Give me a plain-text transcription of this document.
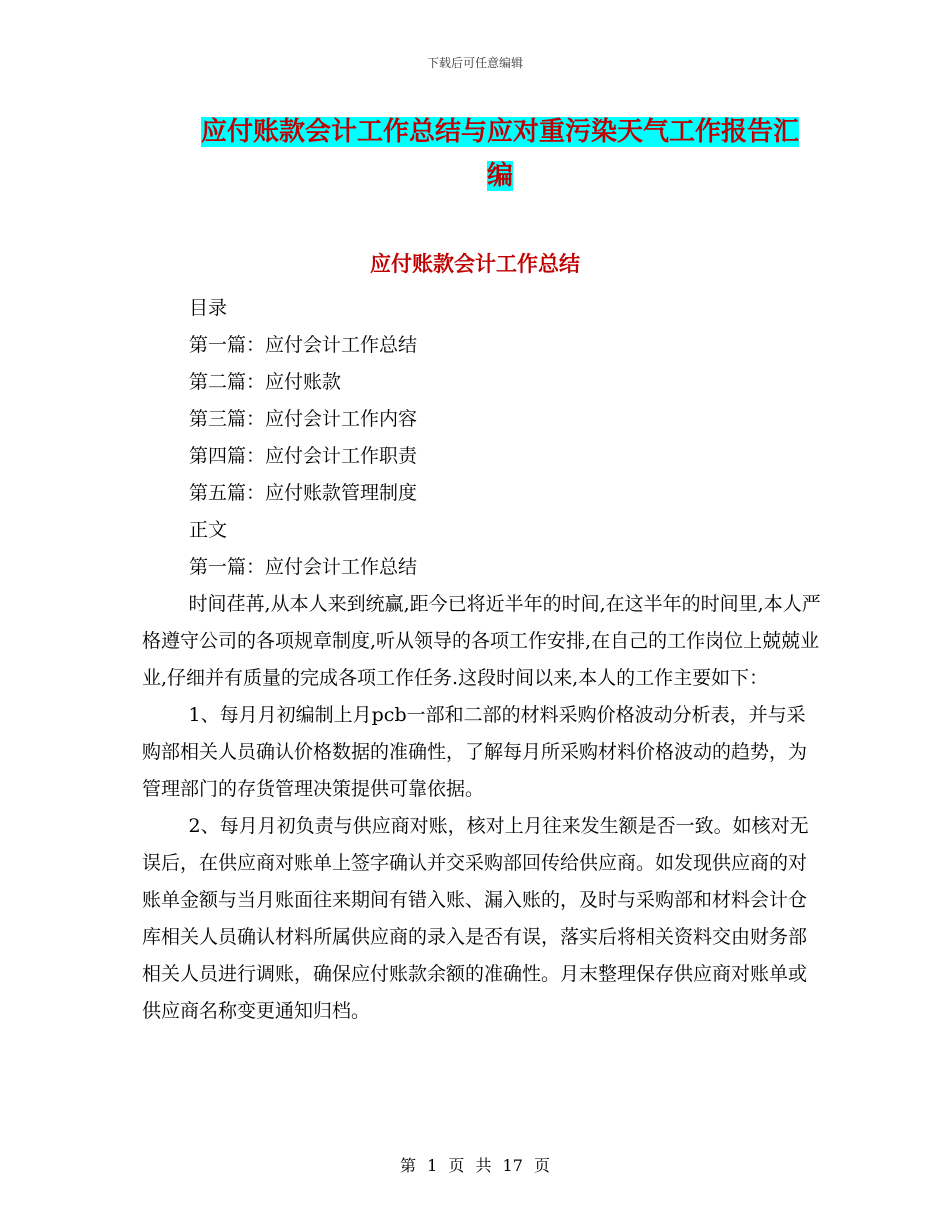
下载后可任意编辑
应付账款会计工作总结与应对重污染天气工作报告汇
编
应付账款会计工作总结
目录
第一篇：应付会计工作总结
第二篇：应付账款
第三篇：应付会计工作内容
第四篇：应付会计工作职责
第五篇：应付账款管理制度
正文
第一篇：应付会计工作总结

时间荏苒,从本人来到统赢,距今已将近半年的时间,在这半年的时间里,本人严格遵守公司的各项规章制度,听从领导的各项工作安排,在自己的工作岗位上兢兢业业,仔细并有质量的完成各项工作任务.这段时间以来,本人的工作主要如下：

1、每月月初编制上月pcb一部和二部的材料采购价格波动分析表，并与采购部相关人员确认价格数据的准确性，了解每月所采购材料价格波动的趋势，为管理部门的存货管理决策提供可靠依据。

2、每月月初负责与供应商对账，核对上月往来发生额是否一致。如核对无误后，在供应商对账单上签字确认并交采购部回传给供应商。如发现供应商的对账单金额与当月账面往来期间有错入账、漏入账的，及时与采购部和材料会计仓库相关人员确认材料所属供应商的录入是否有误，落实后将相关资料交由财务部相关人员进行调账，确保应付账款余额的准确性。月末整理保存供应商对账单或供应商名称变更通知归档。

第 1 页 共 17 页
